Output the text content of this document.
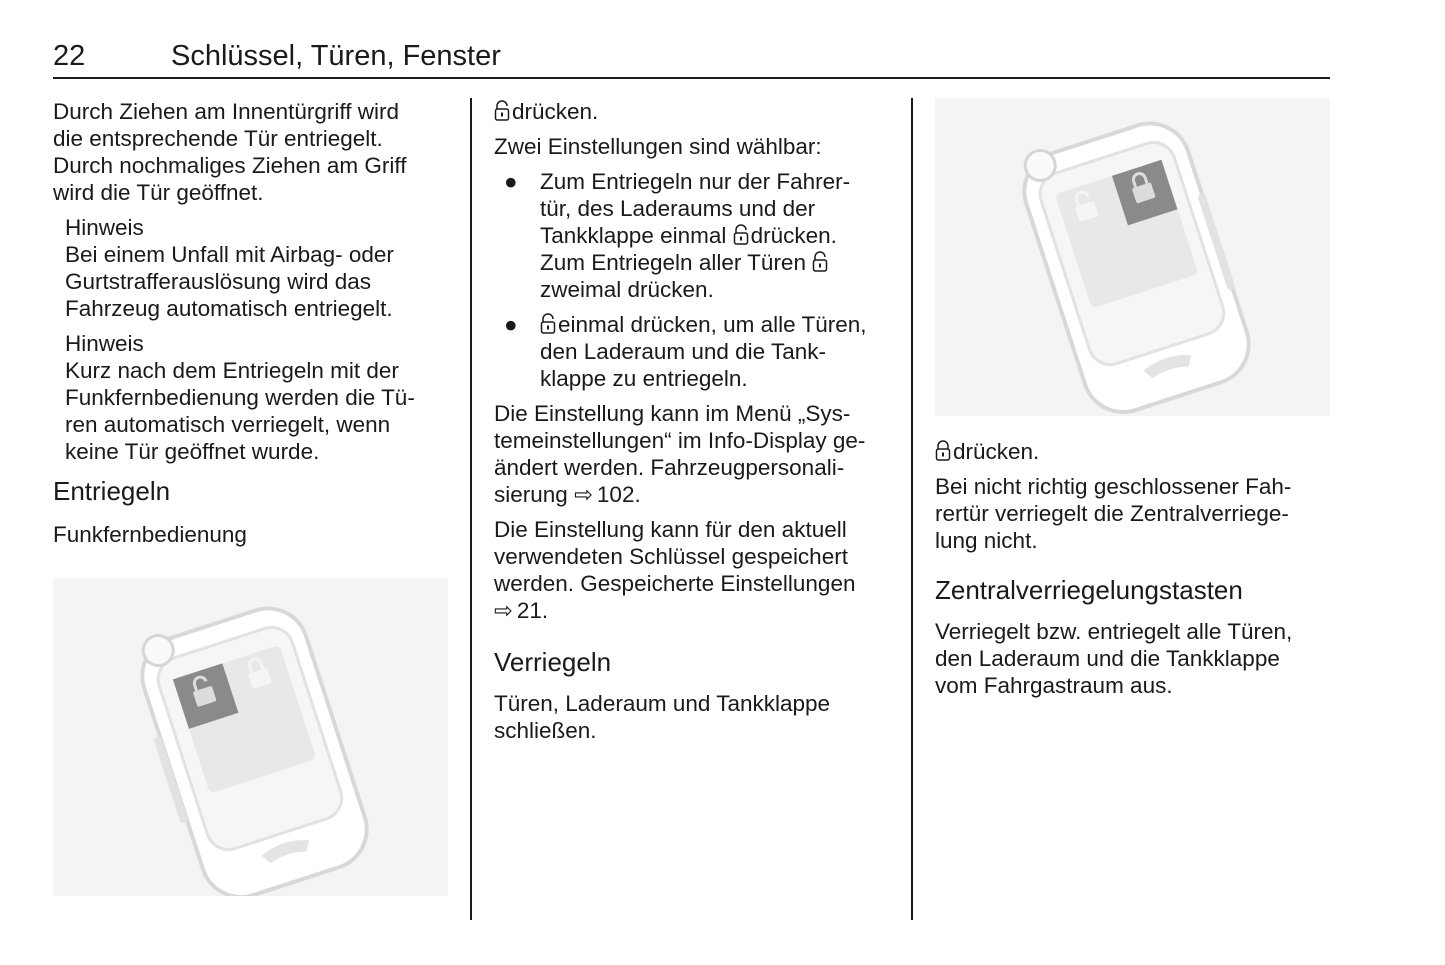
22	Schlüssel, Türen, Fenster

Durch Ziehen am Innentürgriff wird
die entsprechende Tür entriegelt.
Durch nochmaliges Ziehen am Griff
wird die Tür geöffnet.

Hinweis

Bei einem Unfall mit Airbag- oder
Gurtstrafferauslösung wird das
Fahrzeug automatisch entriegelt.

Hinweis

Kurz nach dem Entriegeln mit der
Funkfernbedienung werden die Tü-
ren automatisch verriegelt, wenn
keine Tür geöffnet wurde.

Entriegeln
Funkfernbedienung

drücken.

Zwei Einstellungen sind wählbar:

● Zum Entriegeln nur der Fahrer-
tür, des Laderaums und der
Tankklappe einmal drücken.
Zum Entriegeln aller Türen
zweimal drücken.
● einmal drücken, um alle Türen,
den Laderaum und die Tank-
klappe zu entriegeln.

Die Einstellung kann im Menü „Sys-
temeinstellungen“ im Info-Display ge-
ändert werden. Fahrzeugpersonali-
sierung ⇨ 102.

Die Einstellung kann für den aktuell
verwendeten Schlüssel gespeichert
werden. Gespeicherte Einstellungen
⇨ 21.

Verriegeln

Türen, Laderaum und Tankklappe
schließen.

drücken.

Bei nicht richtig geschlossener Fah-
rertür verriegelt die Zentralverriege-
lung nicht.

Zentralverriegelungstasten

Verriegelt bzw. entriegelt alle Türen,
den Laderaum und die Tankklappe
vom Fahrgastraum aus.
